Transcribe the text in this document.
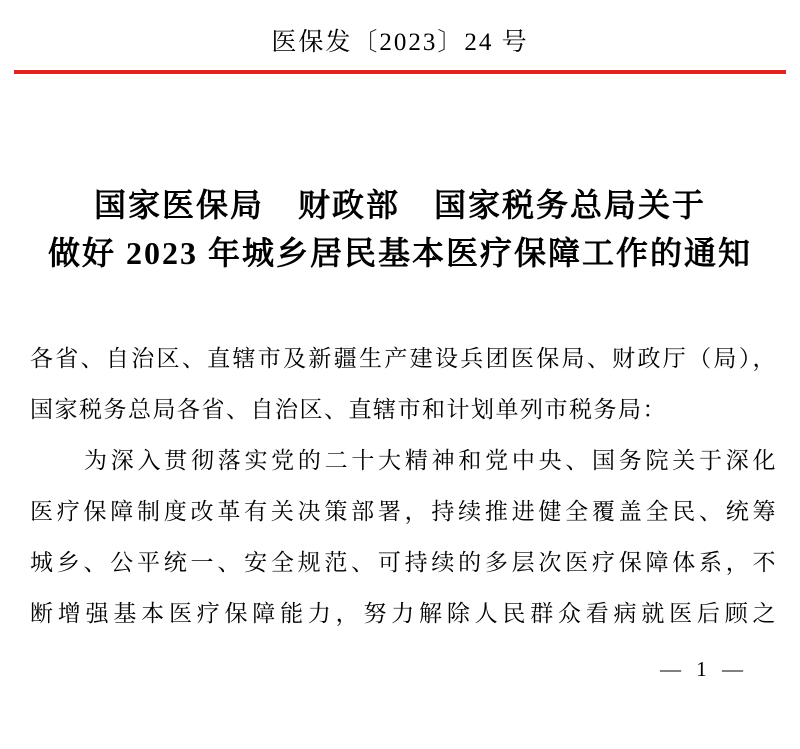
医保发〔2023〕24 号
国家医保局　财政部　国家税务总局关于
做好 2023 年城乡居民基本医疗保障工作的通知
各省、自治区、直辖市及新疆生产建设兵团医保局、财政厅（局），
国家税务总局各省、自治区、直辖市和计划单列市税务局：
为深入贯彻落实党的二十大精神和党中央、国务院关于深化
医疗保障制度改革有关决策部署，持续推进健全覆盖全民、统筹
城乡、公平统一、安全规范、可持续的多层次医疗保障体系，不
断增强基本医疗保障能力，努力解除人民群众看病就医后顾之
— 1 —
